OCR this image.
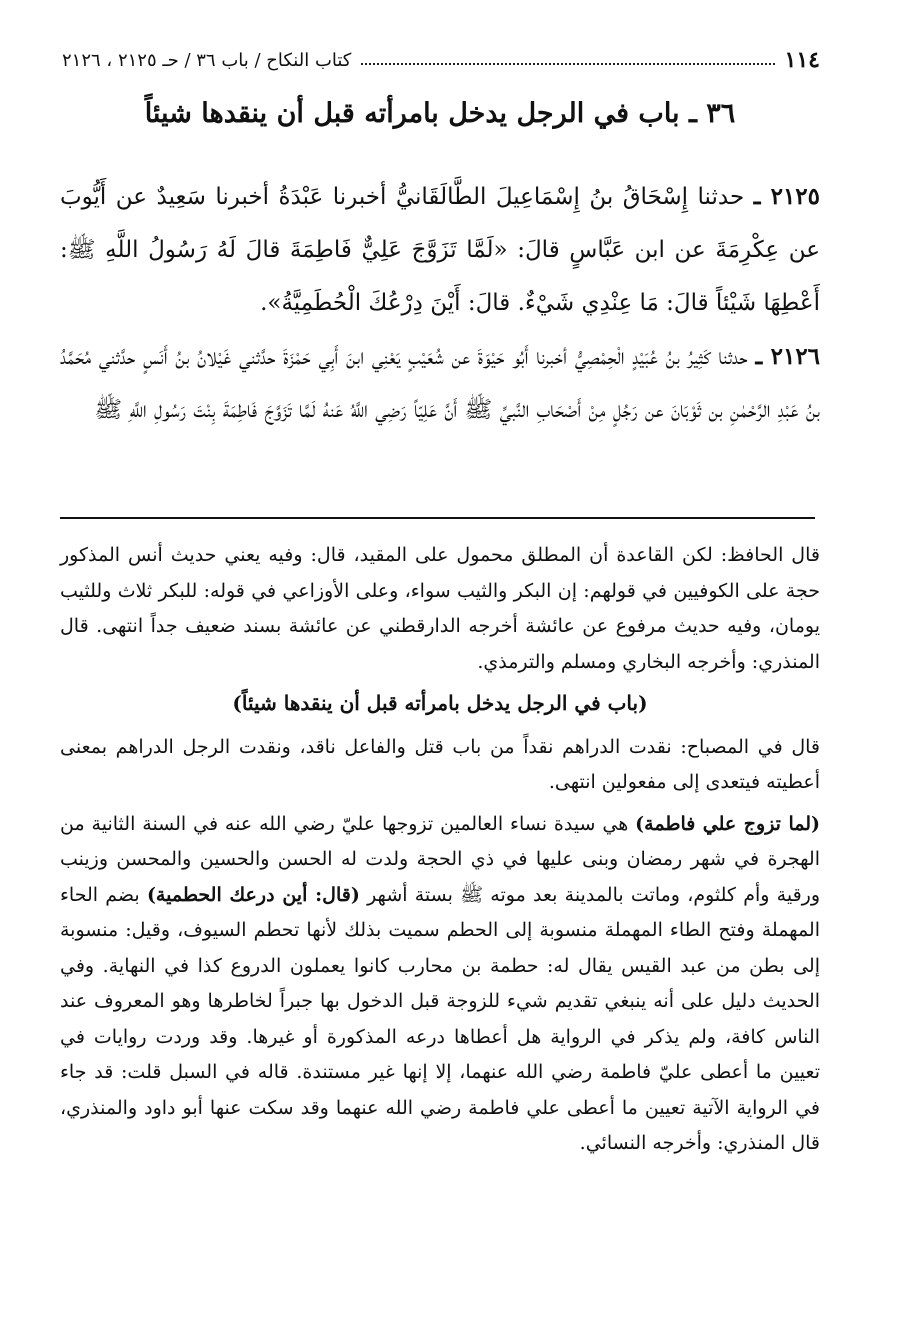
١١٤
كتاب النكاح / باب ٣٦ / حـ ٢١٢٥ ، ٢١٢٦
٣٦ ـ باب في الرجل يدخل بامرأته قبل أن ينقدها شيئاً
٢١٢٥ ـ حدثنا إِسْحَاقُ بنُ إِسْمَاعِيلَ الطَّالَقَانيُّ أخبرنا عَبْدَةُ أخبرنا سَعِيدٌ عن أَيُّوبَ عن عِكْرِمَةَ عن ابن عَبَّاسٍ قالَ: «لَمَّا تَزَوَّجَ عَلِيٌّ فَاطِمَةَ قالَ لَهُ رَسُولُ اللَّهِ ﷺ: أَعْطِهَا شَيْئاً قالَ: مَا عِنْدِي شَيْءٌ. قالَ: أَيْنَ دِرْعُكَ الْحُطَمِيَّةُ».
٢١٢٦ ـ حدثنا كَثِيرُ بنُ عُبَيْدٍ الْحِمْصِيُّ أخبرنا أَبُو حَيْوَةَ عن شُعَيْبٍ يَعْنِي ابنَ أَبِي حَمْزَةَ حدَّثني غَيْلانُ بنُ أَنَسٍ حدَّثني مُحَمَّدُ بنُ عَبْدِ الرَّحْمٰنِ بن ثَوْبَانَ عن رَجُلٍ مِنْ أَصْحَابِ النَّبيِّ ﷺ أَنَّ عَلِيّاً رَضِي اللَّهُ عَنهُ لَمَّا تَزَوَّجَ فَاطِمَةَ بِنْتَ رَسُولِ اللَّهِ ﷺ

قال الحافظ: لكن القاعدة أن المطلق محمول على المقيد، قال: وفيه يعني حديث أنس المذكور حجة على الكوفيين في قولهم: إن البكر والثيب سواء، وعلى الأوزاعي في قوله: للبكر ثلاث وللثيب يومان، وفيه حديث مرفوع عن عائشة أخرجه الدارقطني عن عائشة بسند ضعيف جداً انتهى. قال المنذري: وأخرجه البخاري ومسلم والترمذي.

(باب في الرجل يدخل بامرأته قبل أن ينقدها شيئاً)

قال في المصباح: نقدت الدراهم نقداً من باب قتل والفاعل ناقد، ونقدت الرجل الدراهم بمعنى أعطيته فيتعدى إلى مفعولين انتهى.

(لما تزوج علي فاطمة) هي سيدة نساء العالمين تزوجها عليّ رضي الله عنه في السنة الثانية من الهجرة في شهر رمضان وبنى عليها في ذي الحجة ولدت له الحسن والحسين والمحسن وزينب ورقية وأم كلثوم، وماتت بالمدينة بعد موته ﷺ بستة أشهر (قال: أين درعك الحطمية) بضم الحاء المهملة وفتح الطاء المهملة منسوبة إلى الحطم سميت بذلك لأنها تحطم السيوف، وقيل: منسوبة إلى بطن من عبد القيس يقال له: حطمة بن محارب كانوا يعملون الدروع كذا في النهاية. وفي الحديث دليل على أنه ينبغي تقديم شيء للزوجة قبل الدخول بها جبراً لخاطرها وهو المعروف عند الناس كافة، ولم يذكر في الرواية هل أعطاها درعه المذكورة أو غيرها. وقد وردت روايات في تعيين ما أعطى عليّ فاطمة رضي الله عنهما، إلا إنها غير مستندة. قاله في السبل قلت: قد جاء في الرواية الآتية تعيين ما أعطى علي فاطمة رضي الله عنهما وقد سكت عنها أبو داود والمنذري، قال المنذري: وأخرجه النسائي.
